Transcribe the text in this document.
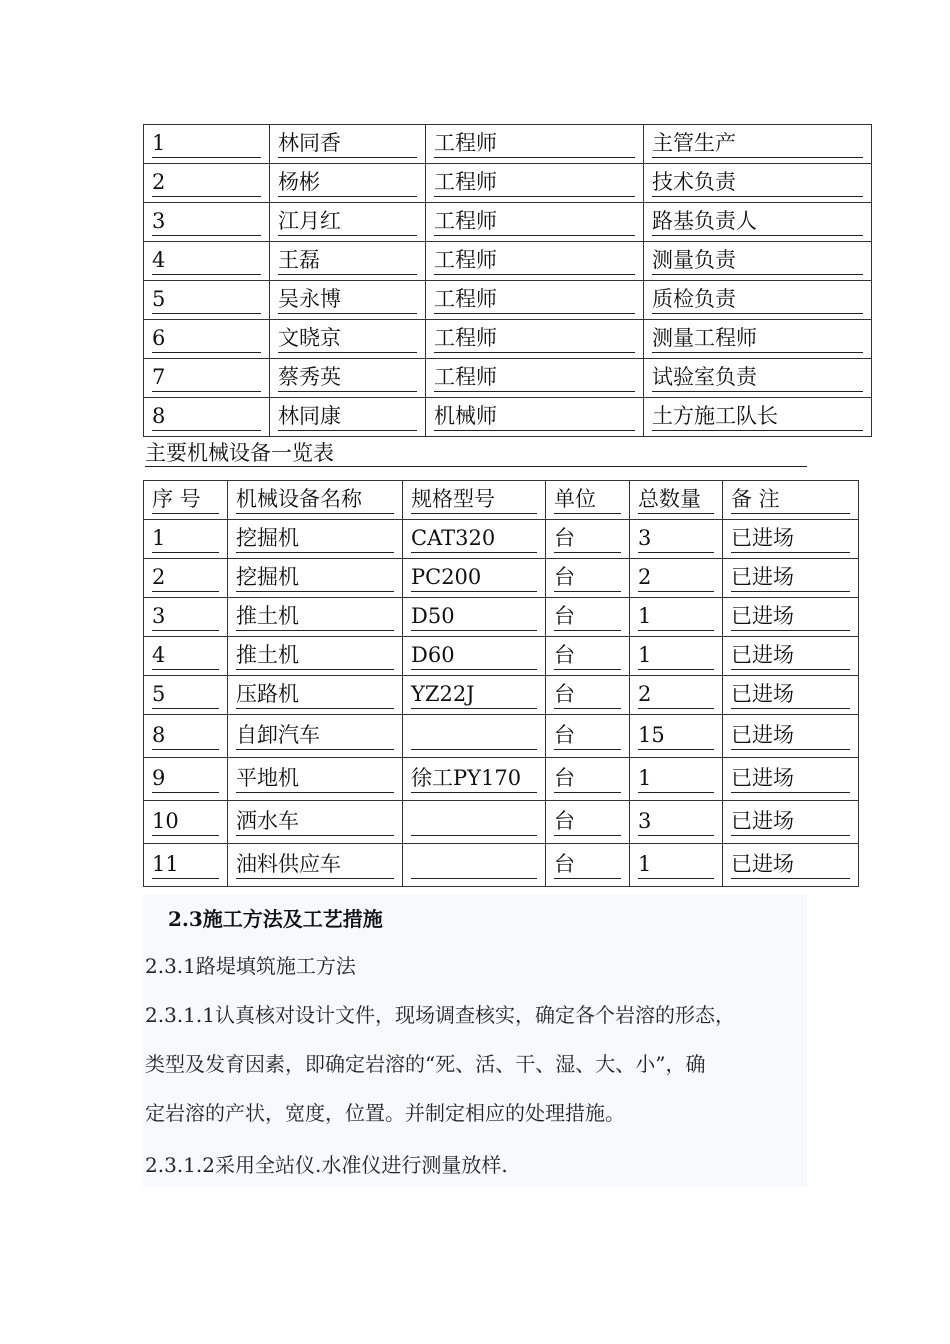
1	林同香	工程师	主管生产

2	杨彬	工程师	技术负责

3	江月红	工程师	路基负责人

4	王磊	工程师	测量负责

5	吴永博	工程师	质检负责

6	文晓京	工程师	测量工程师

7	蔡秀英	工程师	试验室负责

8	林同康	机械师	土方施工队长
主要机械设备一览表
序 号	机械设备名称	规格型号	单位	总数量	备 注

1	挖掘机	CAT320	台	3	已进场

2	挖掘机	PC200	台	2	已进场

3	推土机	D50	台	1	已进场

4	推土机	D60	台	1	已进场

5	压路机	YZ22J	台	2	已进场

8	自卸汽车		台	15	已进场

9	平地机	徐工PY170	台	1	已进场

10	洒水车		台	3	已进场

11	油料供应车		台	1	已进场
2.3施工方法及工艺措施
2.3.1路堤填筑施工方法
2.3.1.1认真核对设计文件，现场调查核实，确定各个岩溶的形态，
类型及发育因素，即确定岩溶的“死、活、干、湿、大、小”，确
定岩溶的产状，宽度，位置。并制定相应的处理措施。
2.3.1.2采用全站仪.水准仪进行测量放样.
